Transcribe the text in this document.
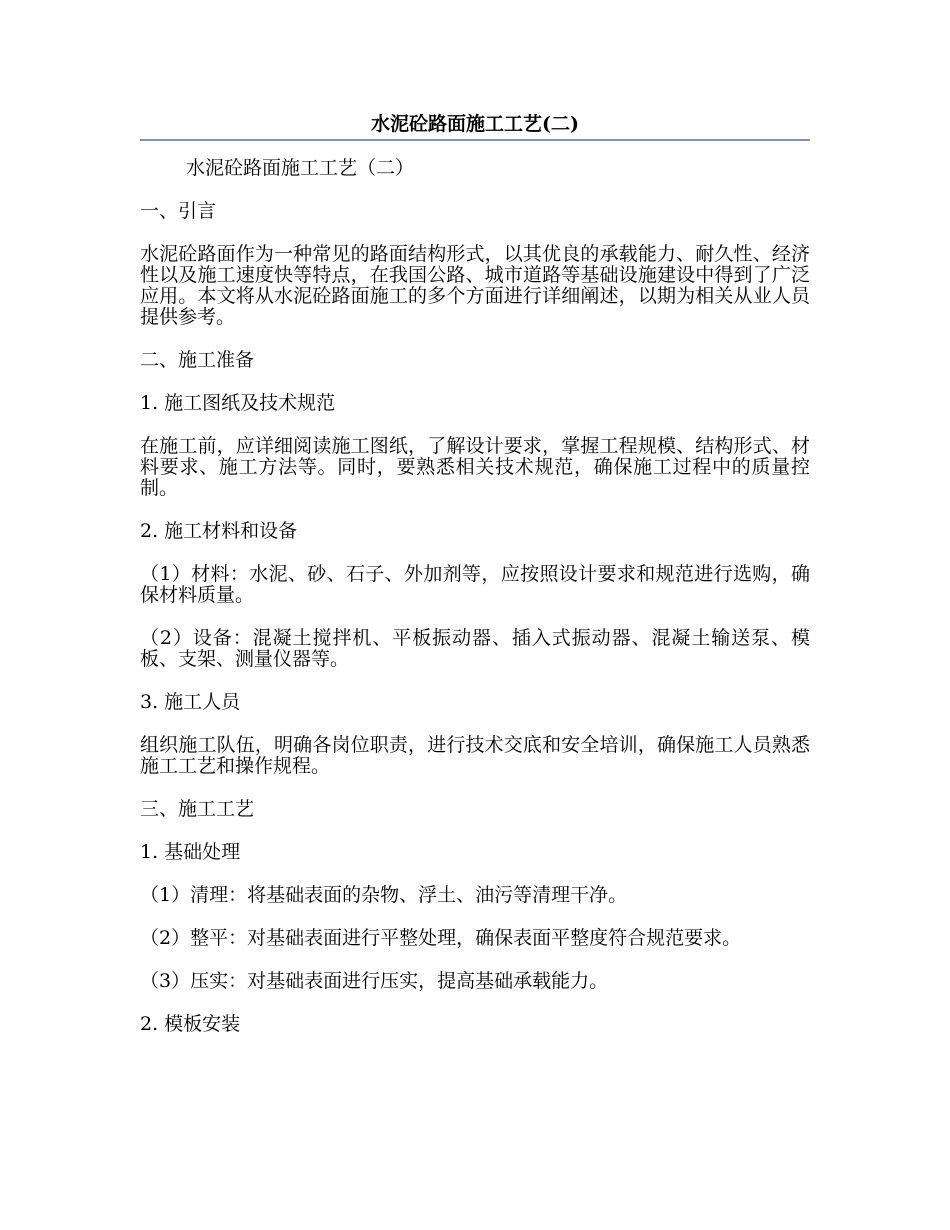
水泥砼路面施工工艺(二)

水泥砼路面施工工艺（二）

一、引言

水泥砼路面作为一种常见的路面结构形式，以其优良的承载能力、耐久性、经济性以及施工速度快等特点，在我国公路、城市道路等基础设施建设中得到了广泛应用。本文将从水泥砼路面施工的多个方面进行详细阐述，以期为相关从业人员提供参考。

二、施工准备

1. 施工图纸及技术规范

在施工前，应详细阅读施工图纸，了解设计要求，掌握工程规模、结构形式、材料要求、施工方法等。同时，要熟悉相关技术规范，确保施工过程中的质量控制。

2. 施工材料和设备

（1）材料：水泥、砂、石子、外加剂等，应按照设计要求和规范进行选购，确保材料质量。

（2）设备：混凝土搅拌机、平板振动器、插入式振动器、混凝土输送泵、模板、支架、测量仪器等。

3. 施工人员

组织施工队伍，明确各岗位职责，进行技术交底和安全培训，确保施工人员熟悉施工工艺和操作规程。

三、施工工艺

1. 基础处理

（1）清理：将基础表面的杂物、浮土、油污等清理干净。

（2）整平：对基础表面进行平整处理，确保表面平整度符合规范要求。

（3）压实：对基础表面进行压实，提高基础承载能力。

2. 模板安装
